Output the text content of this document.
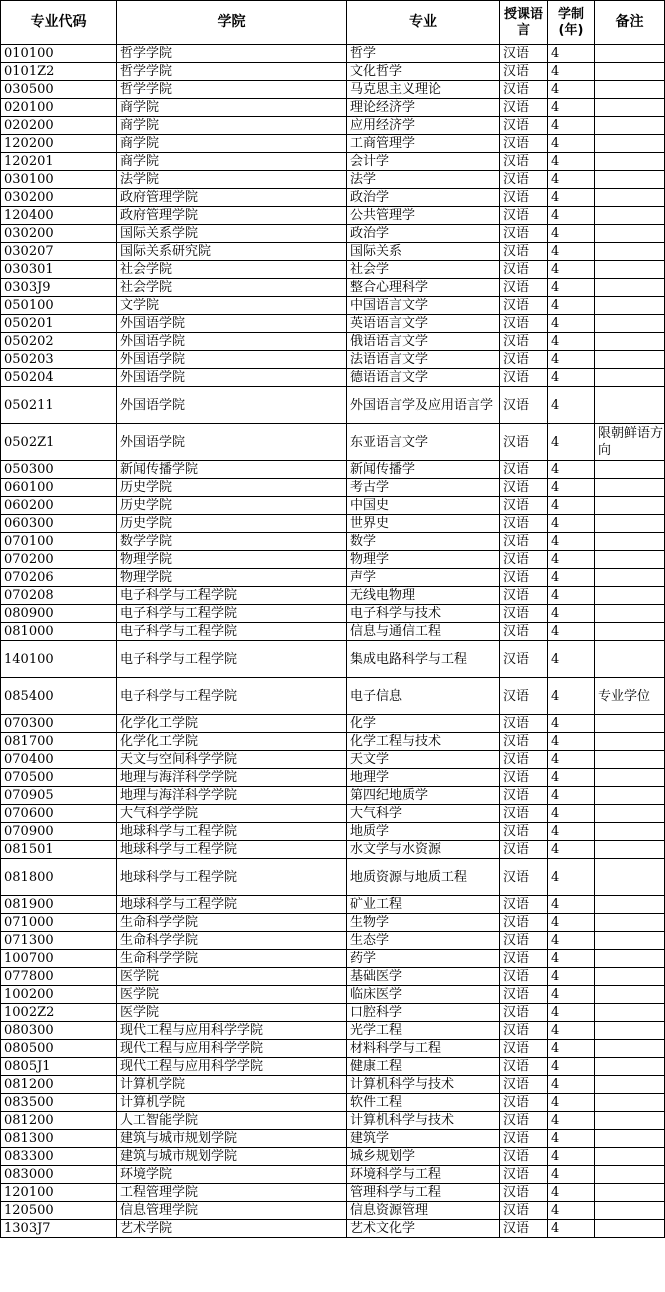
专业代码	学院	专业	授课语言	学制(年)	备注
010100	哲学学院	哲学	汉语	4	
0101Z2	哲学学院	文化哲学	汉语	4	
030500	哲学学院	马克思主义理论	汉语	4	
020100	商学院	理论经济学	汉语	4	
020200	商学院	应用经济学	汉语	4	
120200	商学院	工商管理学	汉语	4	
120201	商学院	会计学	汉语	4	
030100	法学院	法学	汉语	4	
030200	政府管理学院	政治学	汉语	4	
120400	政府管理学院	公共管理学	汉语	4	
030200	国际关系学院	政治学	汉语	4	
030207	国际关系研究院	国际关系	汉语	4	
030301	社会学院	社会学	汉语	4	
0303J9	社会学院	整合心理科学	汉语	4	
050100	文学院	中国语言文学	汉语	4	
050201	外国语学院	英语语言文学	汉语	4	
050202	外国语学院	俄语语言文学	汉语	4	
050203	外国语学院	法语语言文学	汉语	4	
050204	外国语学院	德语语言文学	汉语	4	
050211	外国语学院	外国语言学及应用语言学	汉语	4	
0502Z1	外国语学院	东亚语言文学	汉语	4	限朝鲜语方向
050300	新闻传播学院	新闻传播学	汉语	4	
060100	历史学院	考古学	汉语	4	
060200	历史学院	中国史	汉语	4	
060300	历史学院	世界史	汉语	4	
070100	数学学院	数学	汉语	4	
070200	物理学院	物理学	汉语	4	
070206	物理学院	声学	汉语	4	
070208	电子科学与工程学院	无线电物理	汉语	4	
080900	电子科学与工程学院	电子科学与技术	汉语	4	
081000	电子科学与工程学院	信息与通信工程	汉语	4	
140100	电子科学与工程学院	集成电路科学与工程	汉语	4	
085400	电子科学与工程学院	电子信息	汉语	4	专业学位
070300	化学化工学院	化学	汉语	4	
081700	化学化工学院	化学工程与技术	汉语	4	
070400	天文与空间科学学院	天文学	汉语	4	
070500	地理与海洋科学学院	地理学	汉语	4	
070905	地理与海洋科学学院	第四纪地质学	汉语	4	
070600	大气科学学院	大气科学	汉语	4	
070900	地球科学与工程学院	地质学	汉语	4	
081501	地球科学与工程学院	水文学与水资源	汉语	4	
081800	地球科学与工程学院	地质资源与地质工程	汉语	4	
081900	地球科学与工程学院	矿业工程	汉语	4	
071000	生命科学学院	生物学	汉语	4	
071300	生命科学学院	生态学	汉语	4	
100700	生命科学学院	药学	汉语	4	
077800	医学院	基础医学	汉语	4	
100200	医学院	临床医学	汉语	4	
1002Z2	医学院	口腔科学	汉语	4	
080300	现代工程与应用科学学院	光学工程	汉语	4	
080500	现代工程与应用科学学院	材料科学与工程	汉语	4	
0805J1	现代工程与应用科学学院	健康工程	汉语	4	
081200	计算机学院	计算机科学与技术	汉语	4	
083500	计算机学院	软件工程	汉语	4	
081200	人工智能学院	计算机科学与技术	汉语	4	
081300	建筑与城市规划学院	建筑学	汉语	4	
083300	建筑与城市规划学院	城乡规划学	汉语	4	
083000	环境学院	环境科学与工程	汉语	4	
120100	工程管理学院	管理科学与工程	汉语	4	
120500	信息管理学院	信息资源管理	汉语	4	
1303J7	艺术学院	艺术文化学	汉语	4	
